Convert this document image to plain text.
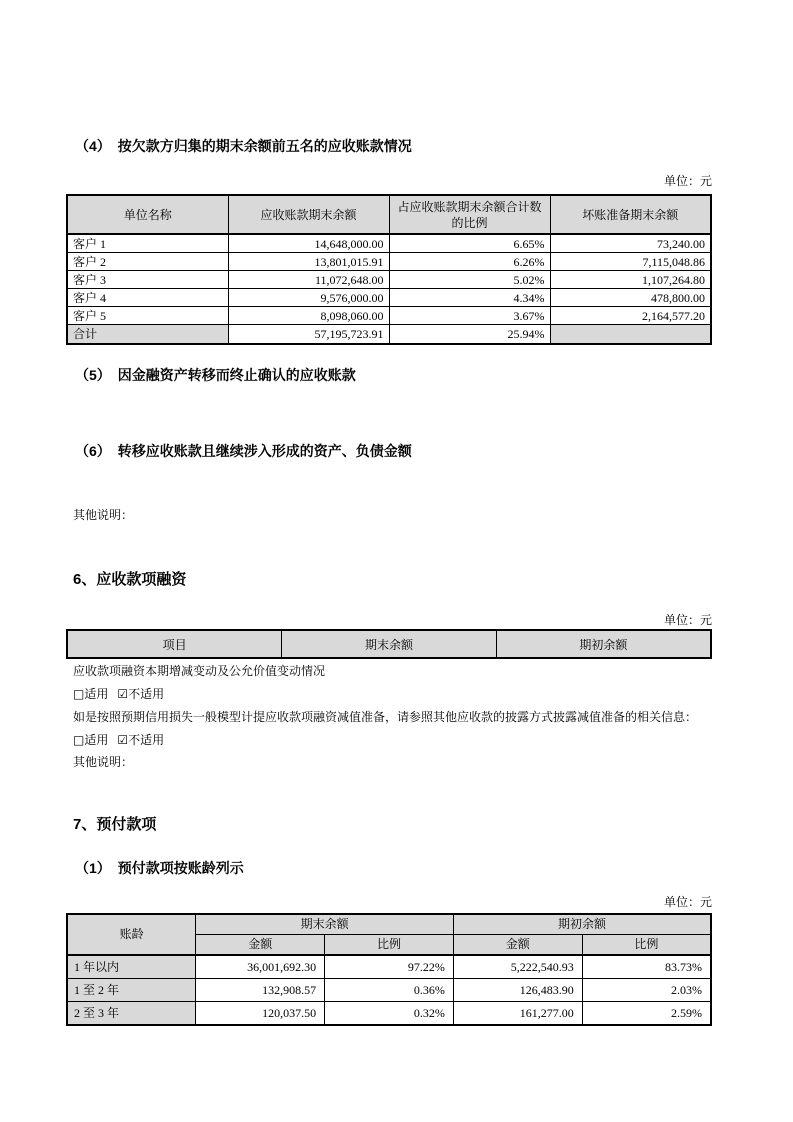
（4）　按欠款方归集的期末余额前五名的应收账款情况
单位：元
单位名称	应收账款期末余额	占应收账款期末余额合计数的比例	坏账准备期末余额
客户 1	14,648,000.00	6.65%	73,240.00
客户 2	13,801,015.91	6.26%	7,115,048.86
客户 3	11,072,648.00	5.02%	1,107,264.80
客户 4	9,576,000.00	4.34%	478,800.00
客户 5	8,098,060.00	3.67%	2,164,577.20
合计	57,195,723.91	25.94%	
（5）　因金融资产转移而终止确认的应收账款
（6）　转移应收账款且继续涉入形成的资产、负债金额

其他说明：

6、应收款项融资
单位：元
项目	期末余额	期初余额

应收款项融资本期增减变动及公允价值变动情况

□适用 ☑不适用

如是按照预期信用损失一般模型计提应收款项融资减值准备，请参照其他应收款的披露方式披露减值准备的相关信息：

□适用 ☑不适用

其他说明：

7、预付款项
（1）　预付款项按账龄列示
单位：元
账龄	期末余额		期初余额	
	金额	比例	金额	比例
1 年以内	36,001,692.30	97.22%	5,222,540.93	83.73%
1 至 2 年	132,908.57	0.36%	126,483.90	2.03%
2 至 3 年	120,037.50	0.32%	161,277.00	2.59%
